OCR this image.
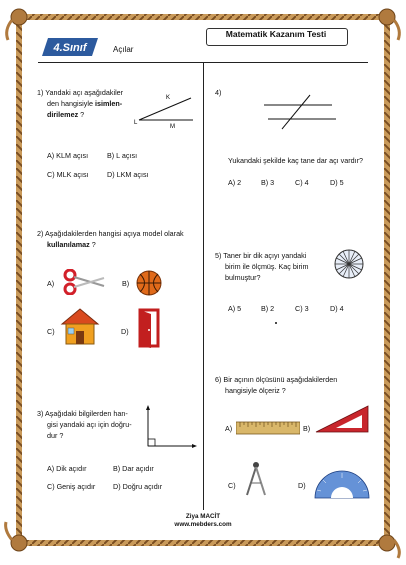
Matematik Kazanım Testi
4.Sınıf	Açılar
1) Yandaki açı aşağıdakiler
den hangisiyle isimlen-
dirilemez ?
K
L
M
A) KLM açısı	B) L açısı
C) MLK açısı	D) LKM açısı
2) Aşağıdakilerden hangisi açıya model olarak
kullanılamaz ?
A)	B)
C)	D)
3) Aşağıdaki bilgilerden han-
gisi yandaki açı için doğru-
dur ?
A) Dik açıdır	B) Dar açıdır
C) Geniş açıdır D) Doğru açıdır
4)
Yukandaki şekilde kaç tane dar açı vardır?
A) 2	B) 3	C) 4	D) 5
5) Taner bir dik açıyı yandaki
birim ile ölçmüş. Kaç birim
bulmuştur?
A) 5	B) 2	C) 3	D) 4
6) Bir açının ölçüsünü aşağıdakilerden
hangisiyle ölçeriz ?
A)	B)
C)	D)
Ziya MACİT
www.mebders.com
